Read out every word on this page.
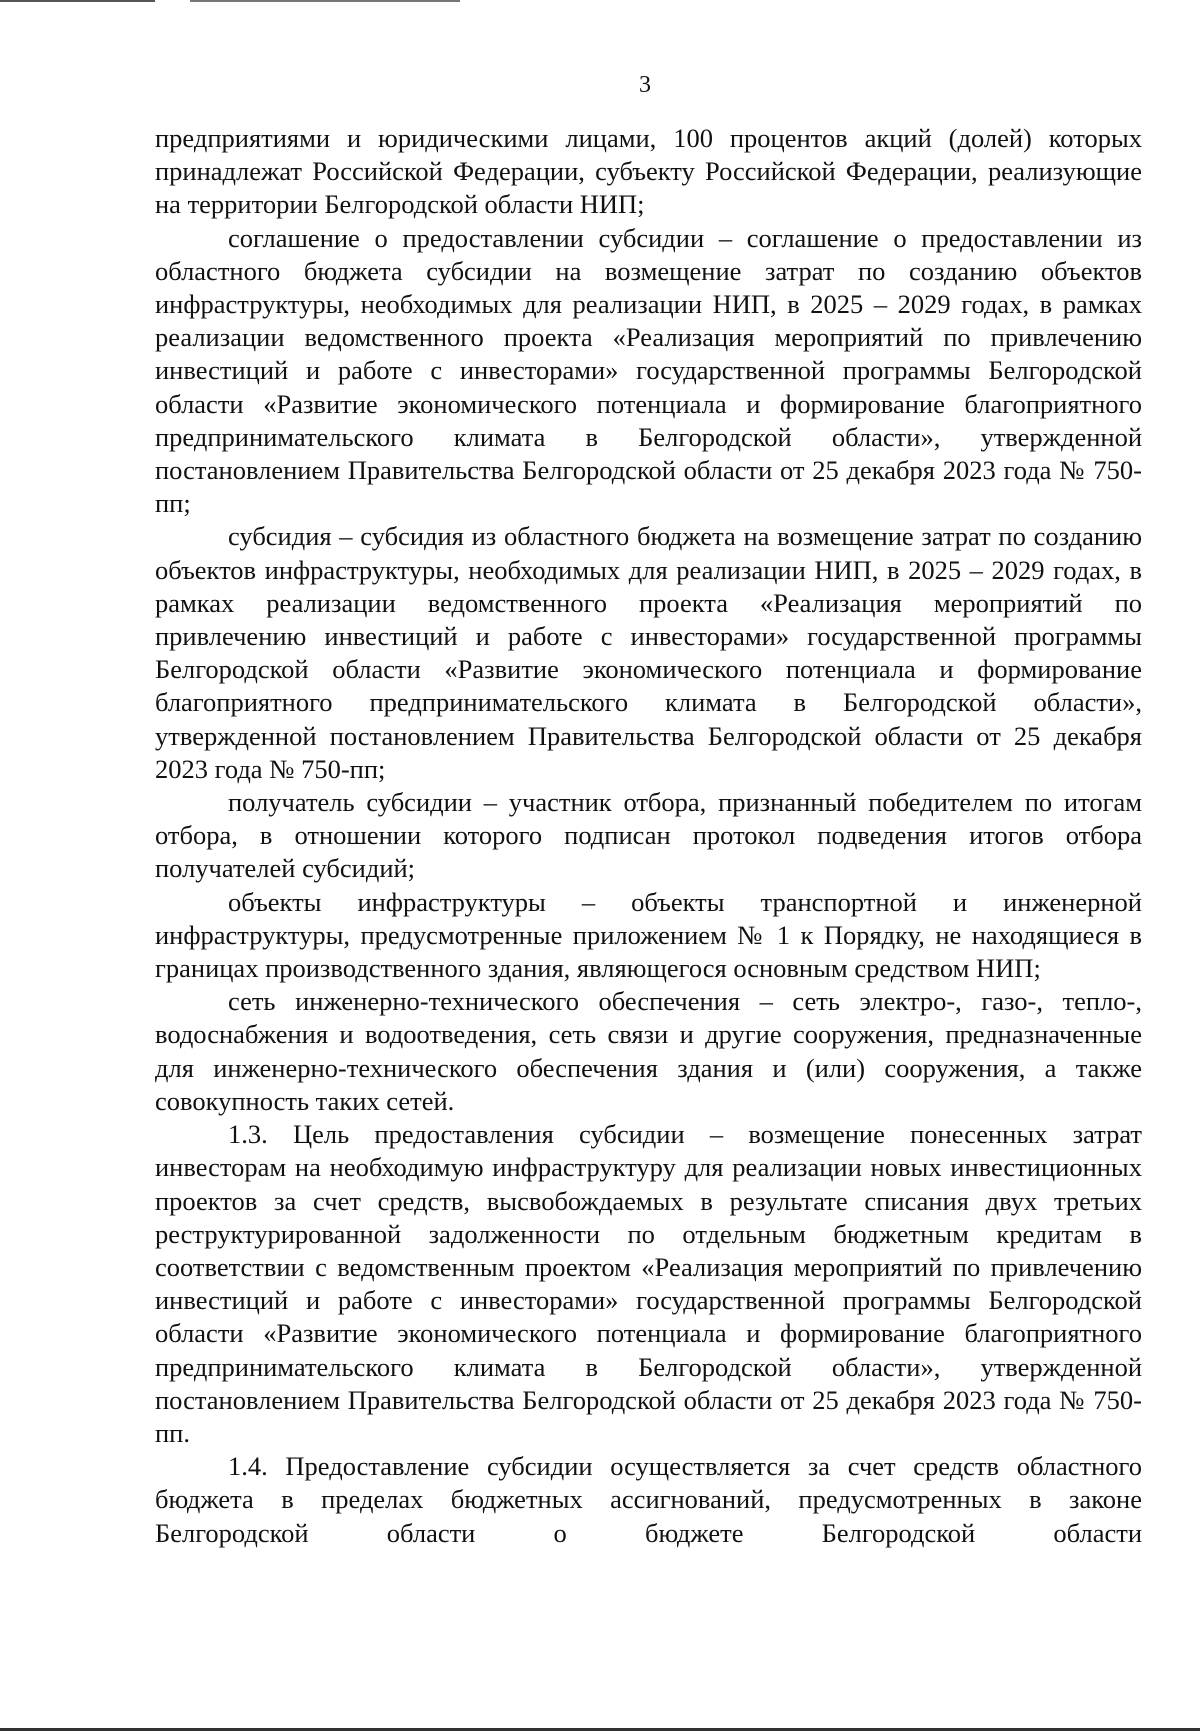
3

предприятиями и юридическими лицами, 100 процентов акций (долей) которых принадлежат Российской Федерации, субъекту Российской Федерации, реализующие на территории Белгородской области НИП;

соглашение о предоставлении субсидии – соглашение о предоставлении из областного бюджета субсидии на возмещение затрат по созданию объектов инфраструктуры, необходимых для реализации НИП, в 2025 – 2029 годах, в рамках реализации ведомственного проекта «Реализация мероприятий по привлечению инвестиций и работе с инвесторами» государственной программы Белгородской области «Развитие экономического потенциала и формирование благоприятного предпринимательского климата в Белгородской области», утвержденной постановлением Правительства Белгородской области от 25 декабря 2023 года № 750-пп;

субсидия – субсидия из областного бюджета на возмещение затрат по созданию объектов инфраструктуры, необходимых для реализации НИП, в 2025 – 2029 годах, в рамках реализации ведомственного проекта «Реализация мероприятий по привлечению инвестиций и работе с инвесторами» государственной программы Белгородской области «Развитие экономического потенциала и формирование благоприятного предпринимательского климата в Белгородской области», утвержденной постановлением Правительства Белгородской области от 25 декабря 2023 года № 750-пп;

получатель субсидии – участник отбора, признанный победителем по итогам отбора, в отношении которого подписан протокол подведения итогов отбора получателей субсидий;

объекты инфраструктуры – объекты транспортной и инженерной инфраструктуры, предусмотренные приложением № 1 к Порядку, не находящиеся в границах производственного здания, являющегося основным средством НИП;

сеть инженерно-технического обеспечения – сеть электро-, газо-, тепло-, водоснабжения и водоотведения, сеть связи и другие сооружения, предназначенные для инженерно-технического обеспечения здания и (или) сооружения, а также совокупность таких сетей.

1.3. Цель предоставления субсидии – возмещение понесенных затрат инвесторам на необходимую инфраструктуру для реализации новых инвестиционных проектов за счет средств, высвобождаемых в результате списания двух третьих реструктурированной задолженности по отдельным бюджетным кредитам в соответствии с ведомственным проектом «Реализация мероприятий по привлечению инвестиций и работе с инвесторами» государственной программы Белгородской области «Развитие экономического потенциала и формирование благоприятного предпринимательского климата в Белгородской области», утвержденной постановлением Правительства Белгородской области от 25 декабря 2023 года № 750-пп.

1.4. Предоставление субсидии осуществляется за счет средств областного бюджета в пределах бюджетных ассигнований, предусмотренных в законе Белгородской области о бюджете Белгородской области
